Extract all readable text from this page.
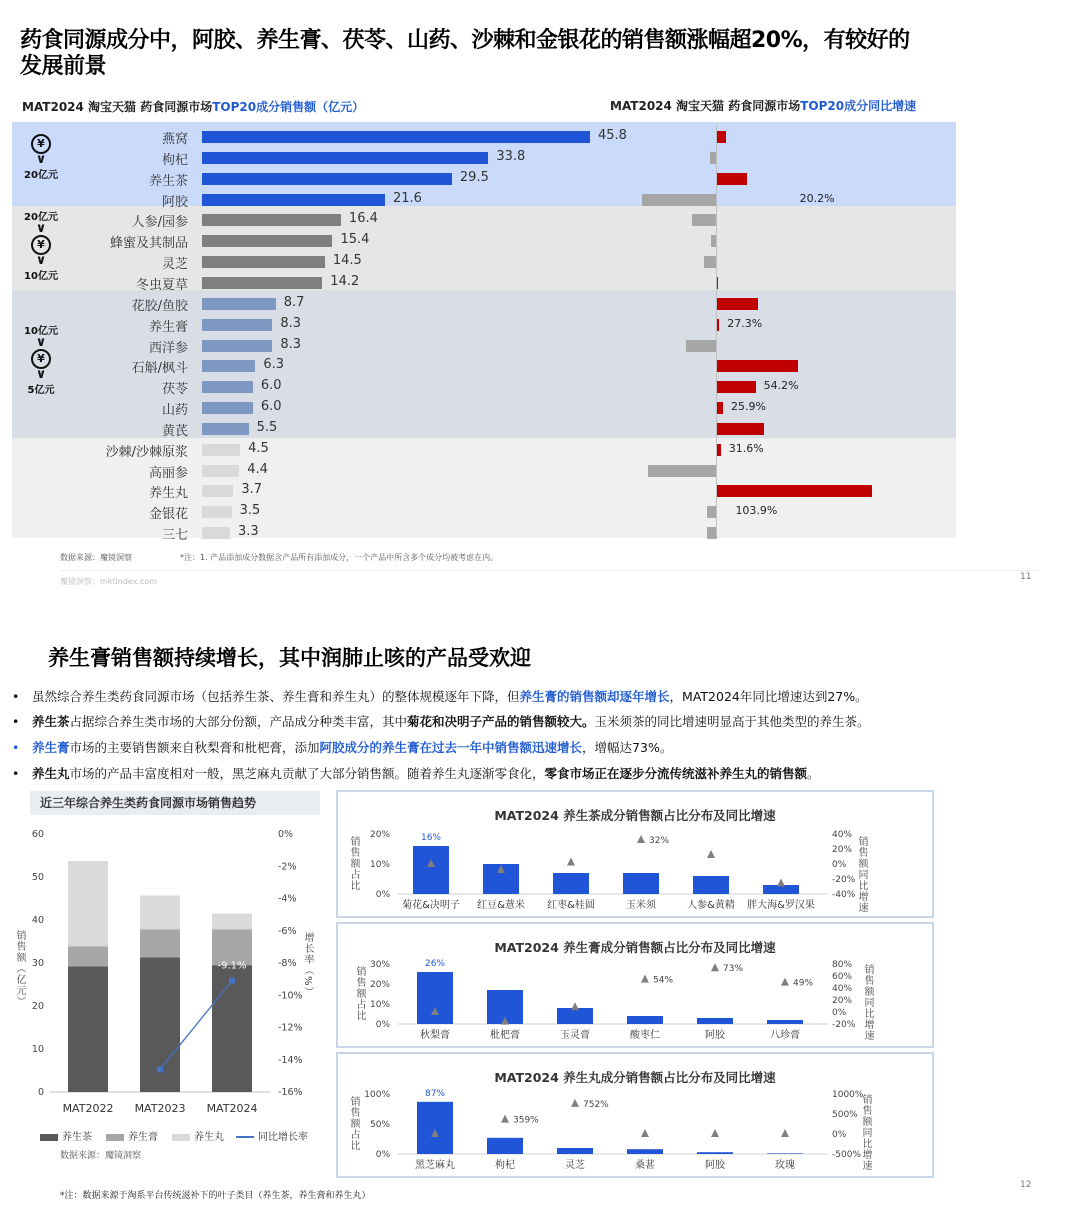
药食同源成分中，阿胶、养生膏、茯苓、山药、沙棘和金银花的销售额涨幅超20%，有较好的发展前景
MAT2024 淘宝天猫 药食同源市场TOP20成分销售额（亿元）	MAT2024 淘宝天猫 药食同源市场TOP20成分同比增速
¥
∨
20亿元
20亿元
∨
¥
∨
10亿元
10亿元
∨
¥
∨
5亿元
燕窝	45.8
枸杞	33.8
养生茶	29.5
阿胶	21.6
人参/园参	16.4
蜂蜜及其制品	15.4
灵芝	14.5
冬虫夏草	14.2
花胶/鱼胶	8.7
养生膏	8.3
西洋参	8.3
石斛/枫斗	6.3
茯苓	6.0
山药	6.0
黄芪	5.5
沙棘/沙棘原浆	4.5
高丽参	4.4
养生丸	3.7
金银花	3.5
三七	3.3
20.2%
27.3%
54.2%
25.9%
31.6%
103.9%
数据来源：魔镜洞察	*注：1. 产品添加成分数据含产品所有添加成分，一个产品中所含多个成分均被考虑在内。
魔镜洞察：mktindex.com	11
养生膏销售额持续增长，其中润肺止咳的产品受欢迎
• 虽然综合养生类药食同源市场（包括养生茶、养生膏和养生丸）的整体规模逐年下降，但养生膏的销售额却逐年增长，MAT2024年同比增速达到27%。
• 养生茶占据综合养生类市场的大部分份额，产品成分种类丰富，其中菊花和决明子产品的销售额较大。玉米须茶的同比增速明显高于其他类型的养生茶。
• 养生膏市场的主要销售额来自秋梨膏和枇杷膏，添加阿胶成分的养生膏在过去一年中销售额迅速增长，增幅达73%。
• 养生丸市场的产品丰富度相对一般，黑芝麻丸贡献了大部分销售额。随着养生丸逐渐零食化，零食市场正在逐步分流传统滋补养生丸的销售额。
近三年综合养生类药食同源市场销售趋势
销售额（亿元）	增长率（%）
0
10
20
30
40
50
60	0%
-2%
-4%
-6%
-8%
-10%
-12%
-14%
-16%
MAT2022 MAT2023 MAT2024
-9.1%
养生茶	养生膏	养生丸	同比增长率
数据来源：魔镜洞察
MAT2024 养生茶成分销售额占比分布及同比增速
0%
10%
20%	40%
20%
0%
-20%
-40%
16%
菊花&决明子 红豆&薏米 红枣&桂圆
32%
玉米须	人参&黄精 胖大海&罗汉果
销售额占比	销售额同比增速
MAT2024 养生膏成分销售额占比分布及同比增速
0%
10%
20%
30%	80%
60%
40%
20%
0%
-20%
26%
秋梨膏	枇杷膏	玉灵膏
54%
酸枣仁
73%
阿胶
49%
八珍膏
销售额占比	销售额同比增速
MAT2024 养生丸成分销售额占比分布及同比增速
0%
50%
100%	1000%
500%
0%
-500%
87%
黑芝麻丸
359%
枸杞
752%
灵芝	桑葚	阿胶	玫瑰
销售额占比	销售额同比增速
*注：数据来源于淘系平台传统滋补下的叶子类目（养生茶，养生膏和养生丸）
12
